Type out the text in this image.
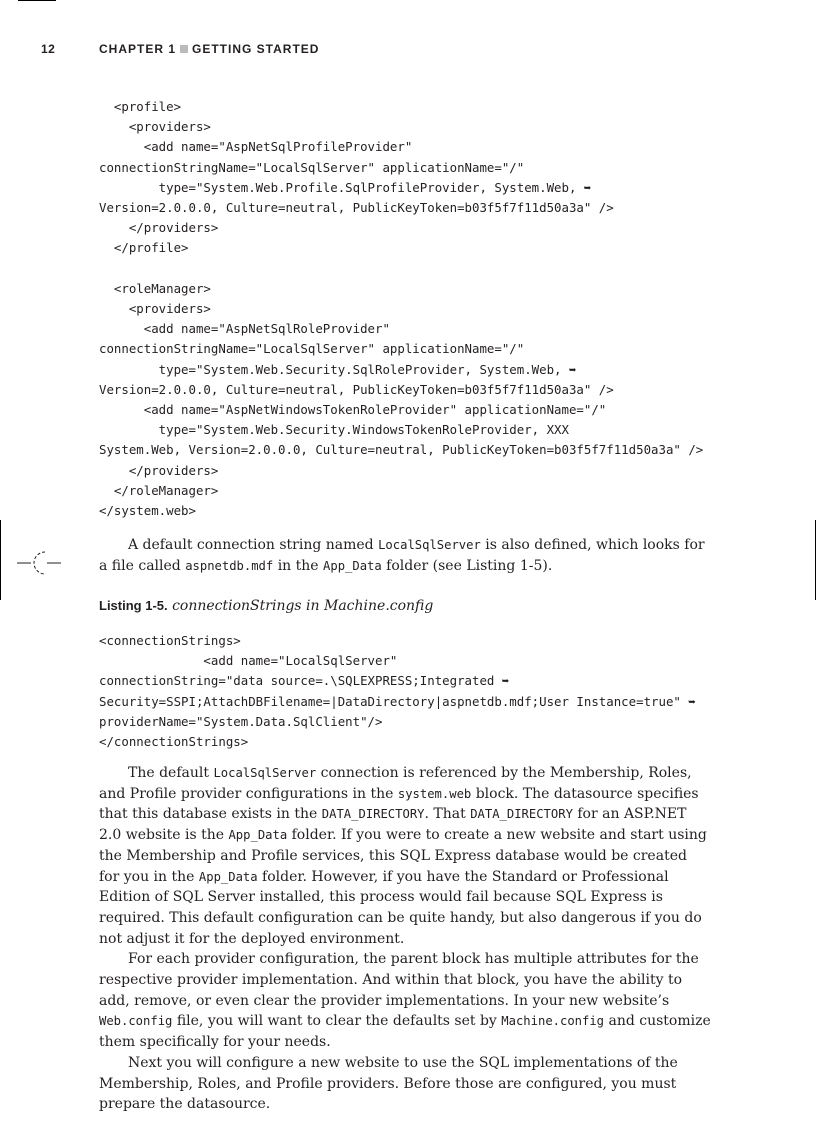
12	CHAPTER 1 GETTING STARTED
<profile>
<providers>
<add name="AspNetSqlProfileProvider"
connectionStringName="LocalSqlServer" applicationName="/"
type="System.Web.Profile.SqlProfileProvider, System.Web, ➥
Version=2.0.0.0, Culture=neutral, PublicKeyToken=b03f5f7f11d50a3a" />
</providers>
</profile>

<roleManager>
<providers>
<add name="AspNetSqlRoleProvider"
connectionStringName="LocalSqlServer" applicationName="/"
type="System.Web.Security.SqlRoleProvider, System.Web, ➥
Version=2.0.0.0, Culture=neutral, PublicKeyToken=b03f5f7f11d50a3a" />
<add name="AspNetWindowsTokenRoleProvider" applicationName="/"
type="System.Web.Security.WindowsTokenRoleProvider, XXX
System.Web, Version=2.0.0.0, Culture=neutral, PublicKeyToken=b03f5f7f11d50a3a" />
</providers>
</roleManager>
</system.web>

A default connection string named LocalSqlServer is also defined, which looks for a file called aspnetdb.mdf in the App_Data folder (see Listing 1-5).

Listing 1-5. connectionStrings in Machine.config
<connectionStrings>
<add name="LocalSqlServer"
connectionString="data source=.\SQLEXPRESS;Integrated ➥
Security=SSPI;AttachDBFilename=|DataDirectory|aspnetdb.mdf;User Instance=true" ➥
providerName="System.Data.SqlClient"/>
</connectionStrings>

The default LocalSqlServer connection is referenced by the Membership, Roles, and Profile provider configurations in the system.web block. The datasource specifies that this database exists in the DATA_DIRECTORY. That DATA_DIRECTORY for an ASP.NET 2.0 website is the App_Data folder. If you were to create a new website and start using the Membership and Profile services, this SQL Express database would be created for you in the App_Data folder. However, if you have the Standard or Professional Edition of SQL Server installed, this process would fail because SQL Express is required. This default configuration can be quite handy, but also dangerous if you do not adjust it for the deployed environment.

For each provider configuration, the parent block has multiple attributes for the respective provider implementation. And within that block, you have the ability to add, remove, or even clear the provider implementations. In your new website’s Web.config file, you will want to clear the defaults set by Machine.config and customize them specifically for your needs.

Next you will configure a new website to use the SQL implementations of the Membership, Roles, and Profile providers. Before those are configured, you must prepare the datasource.
